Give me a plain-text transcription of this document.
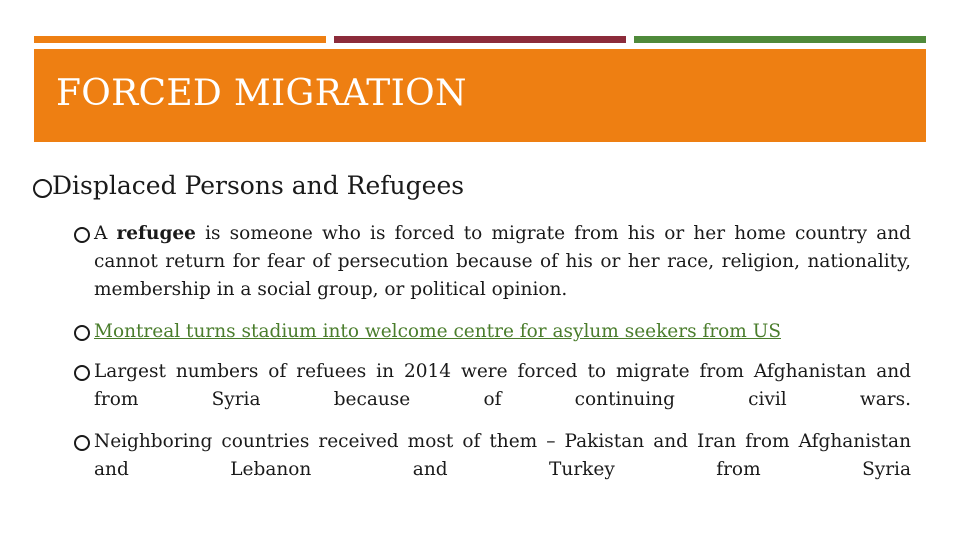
FORCED MIGRATION
Displaced Persons and Refugees
A refugee is someone who is forced to migrate from his or her home country and cannot return for fear of persecution because of his or her race, religion, nationality, membership in a social group, or political opinion.
Montreal turns stadium into welcome centre for asylum seekers from US
Largest numbers of refuees in 2014 were forced to migrate from Afghanistan and from Syria because of continuing civil wars.
Neighboring countries received most of them – Pakistan and Iran from Afghanistan and Lebanon and Turkey from Syria
